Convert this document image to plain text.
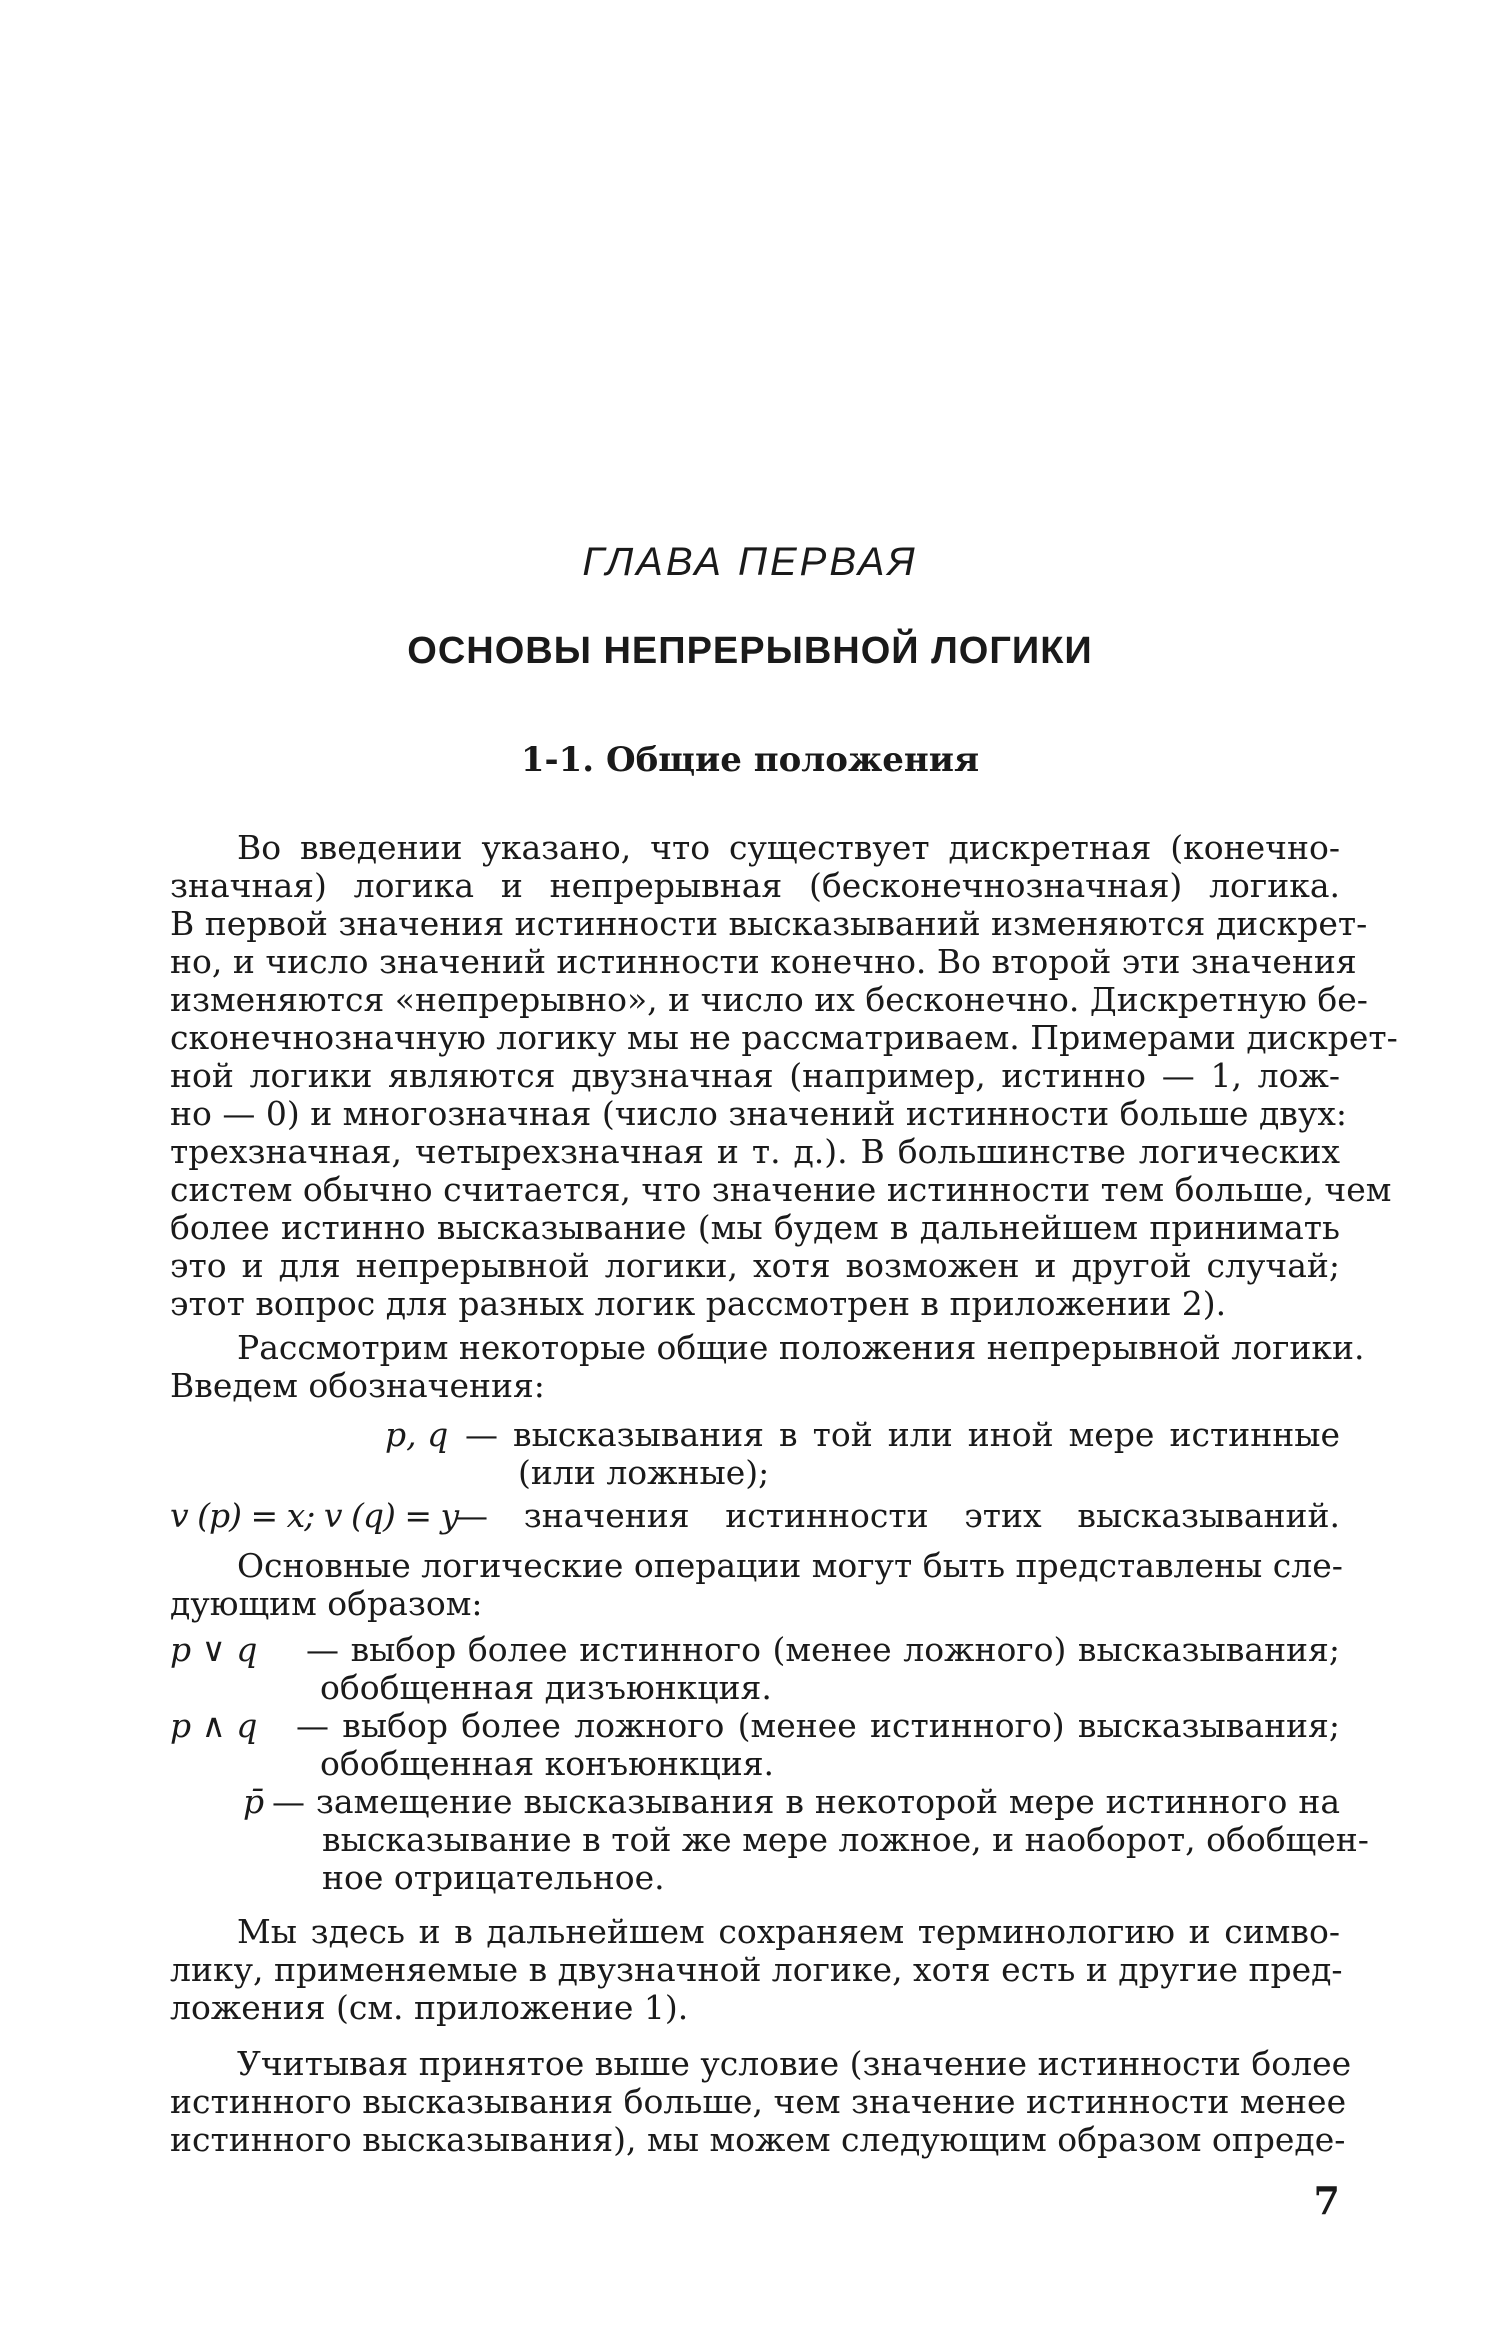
ГЛАВА ПЕРВАЯ
ОСНОВЫ НЕПРЕРЫВНОЙ ЛОГИКИ
1-1. Общие положения
Во введении указано, что существует дискретная (конечно-
значная) логика и непрерывная (бесконечнозначная) логика.
В первой значения истинности высказываний изменяются дискрет-
но, и число значений истинности конечно. Во второй эти значения
изменяются «непрерывно», и число их бесконечно. Дискретную бе-
сконечнозначную логику мы не рассматриваем. Примерами дискрет-
ной логики являются двузначная (например, истинно — 1, лож-
но — 0) и многозначная (число значений истинности больше двух:
трехзначная, четырехзначная и т. д.). В большинстве логических
систем обычно считается, что значение истинности тем больше, чем
более истинно высказывание (мы будем в дальнейшем принимать
это и для непрерывной логики, хотя возможен и другой случай;
этот вопрос для разных логик рассмотрен в приложении 2).
Рассмотрим некоторые общие положения непрерывной логики.
Введем обозначения:
p, q — высказывания в той или иной мере истинные
(или ложные);
v (p) = x; v (q) = y
— значения истинности этих высказываний.
Основные логические операции могут быть представлены сле-
дующим образом:
p ∨ q — выбор более истинного (менее ложного) высказывания;
обобщенная дизъюнкция.
p ∧ q — выбор более ложного (менее истинного) высказывания;
обобщенная конъюнкция.
p̄ — замещение высказывания в некоторой мере истинного на
высказывание в той же мере ложное, и наоборот, обобщен-
ное отрицательное.
Мы здесь и в дальнейшем сохраняем терминологию и симво-
лику, применяемые в двузначной логике, хотя есть и другие пред-
ложения (см. приложение 1).
Учитывая принятое выше условие (значение истинности более
истинного высказывания больше, чем значение истинности менее
истинного высказывания), мы можем следующим образом опреде-
7
